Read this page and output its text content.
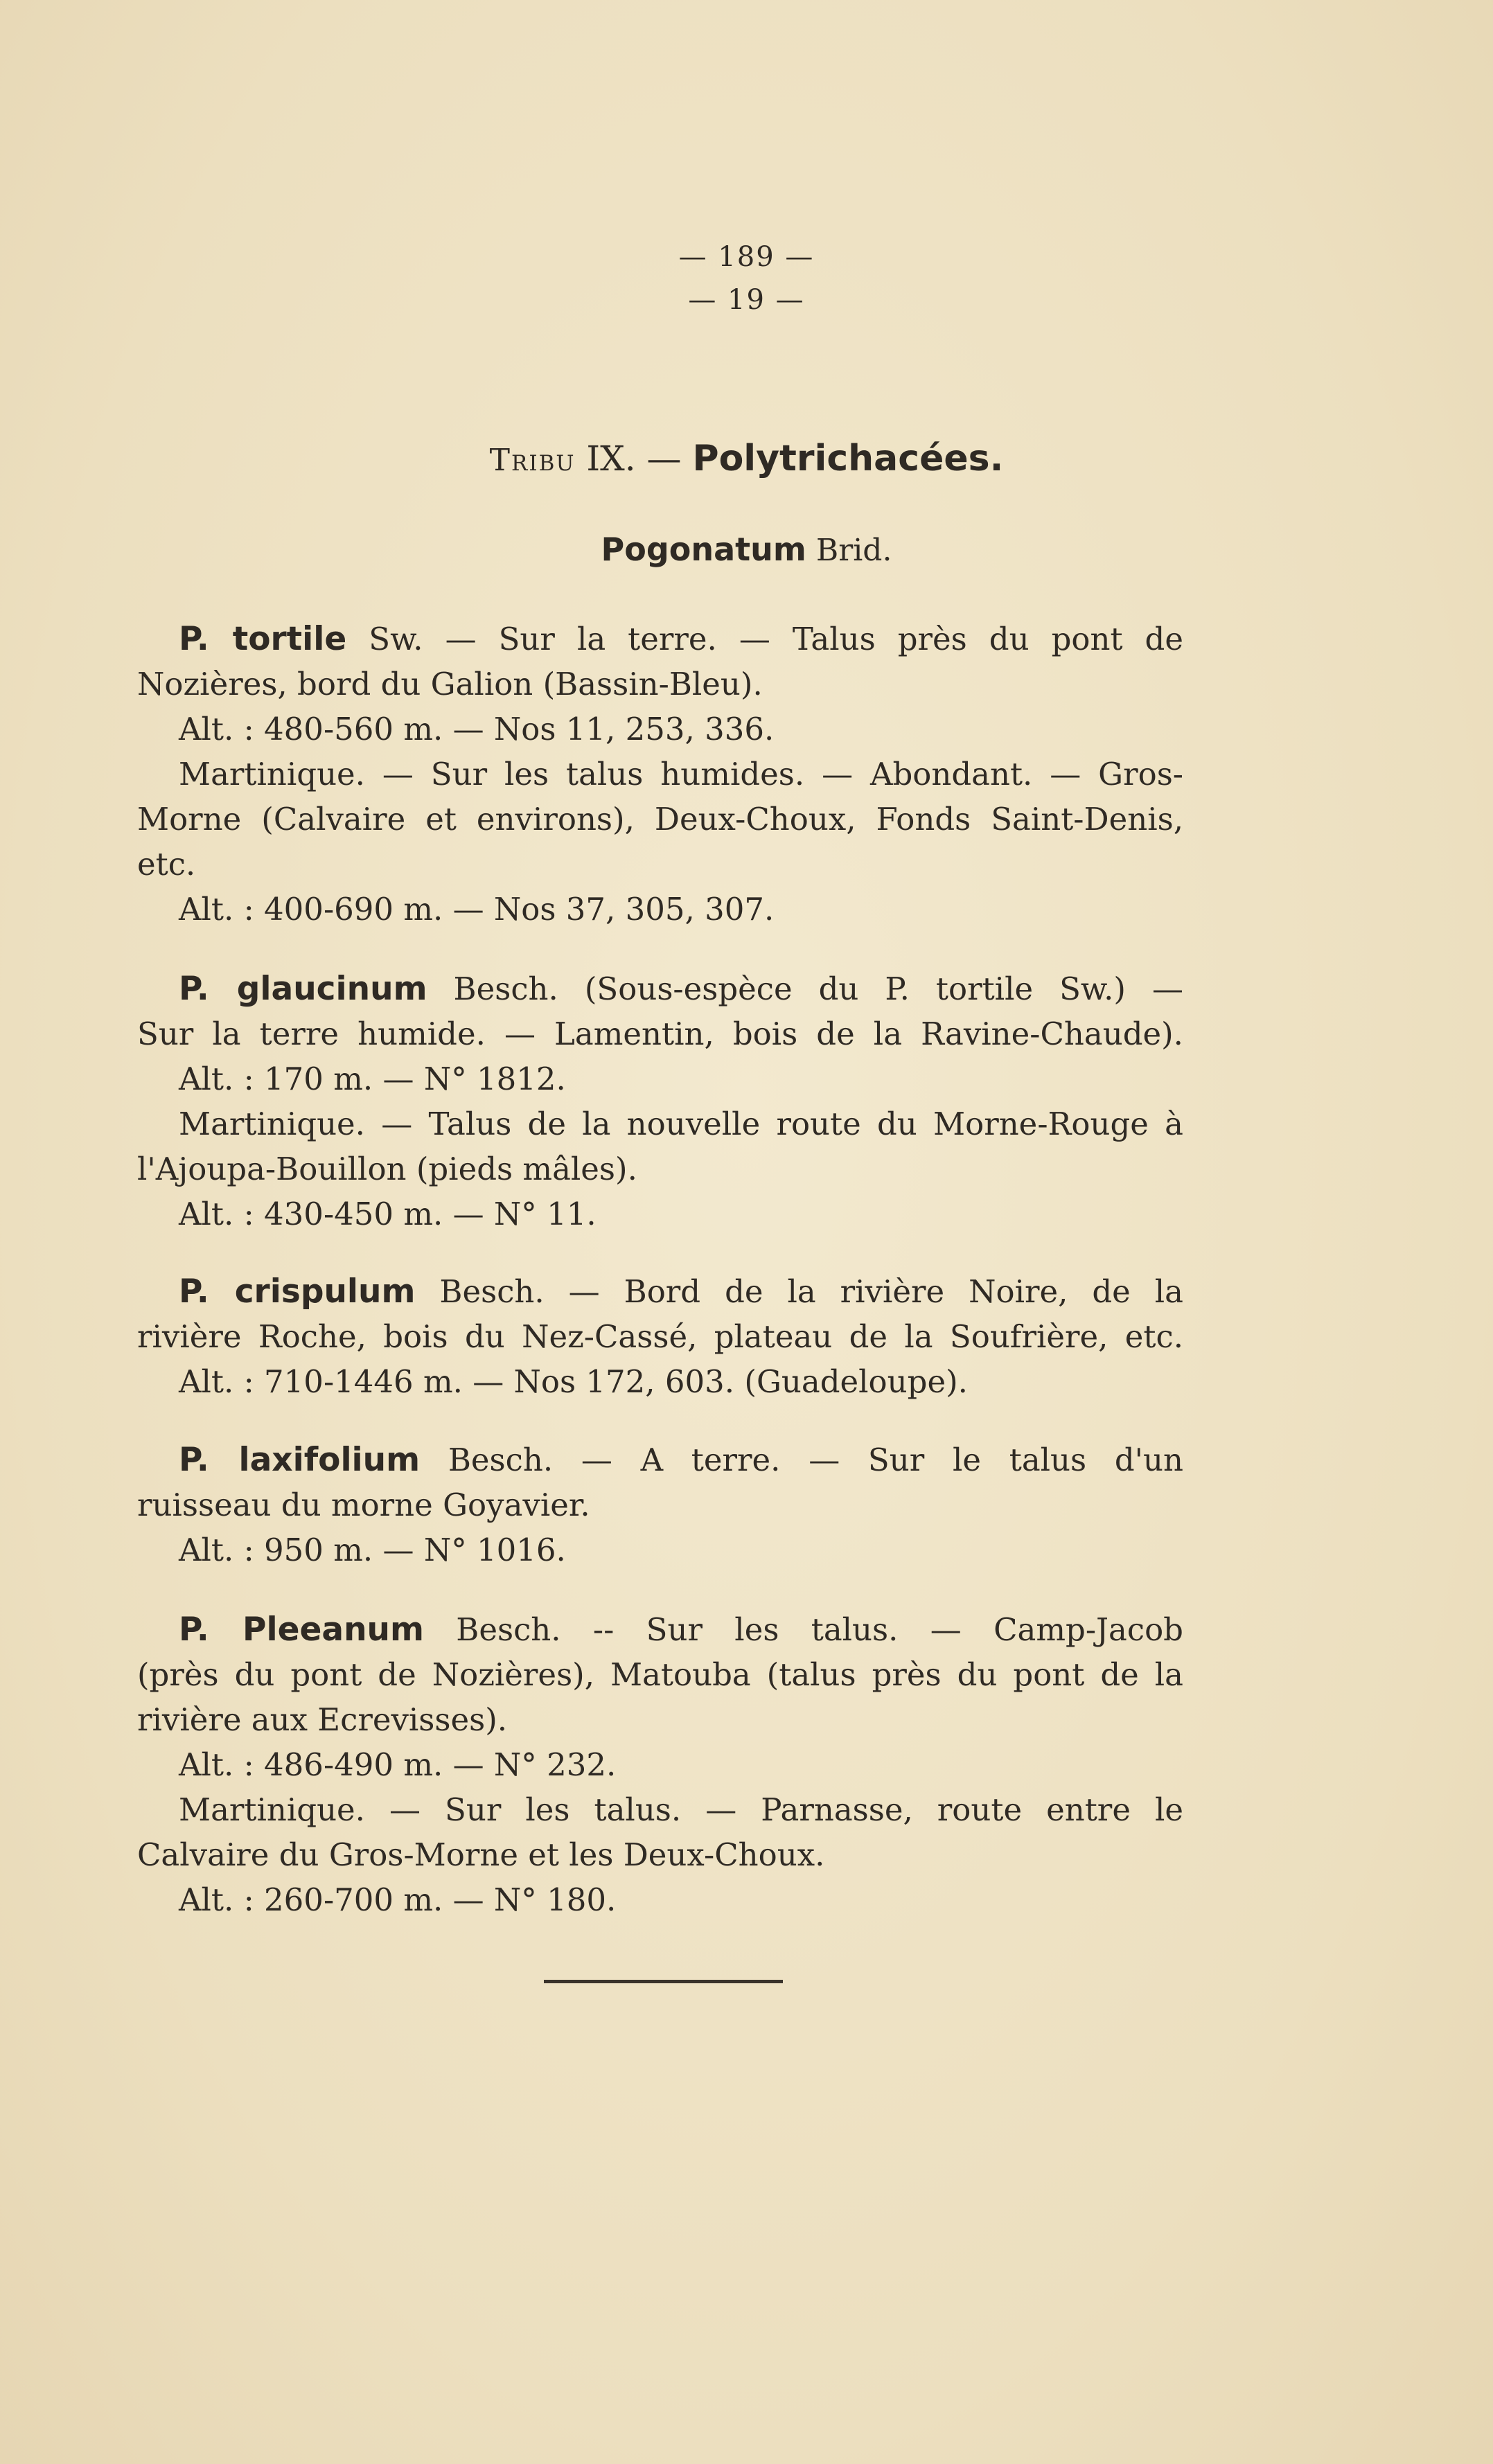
— 189 —
— 19 —
Tribu IX. — Polytrichacées.
Pogonatum Brid.
P. tortile Sw. — Sur la terre. — Talus près du pont de
Nozières, bord du Galion (Bassin-Bleu).
Alt. : 480-560 m. — Nos 11, 253, 336.
Martinique. — Sur les talus humides. — Abondant. — Gros-
Morne (Calvaire et environs), Deux-Choux, Fonds Saint-Denis,
etc.
Alt. : 400-690 m. — Nos 37, 305, 307.
P. glaucinum Besch. (Sous-espèce du P. tortile Sw.) —
Sur la terre humide. — Lamentin, bois de la Ravine-Chaude).
Alt. : 170 m. — N° 1812.
Martinique. — Talus de la nouvelle route du Morne-Rouge à
l'Ajoupa-Bouillon (pieds mâles).
Alt. : 430-450 m. — N° 11.
P. crispulum Besch. — Bord de la rivière Noire, de la
rivière Roche, bois du Nez-Cassé, plateau de la Soufrière, etc.
Alt. : 710-1446 m. — Nos 172, 603. (Guadeloupe).
P. laxifolium Besch. — A terre. — Sur le talus d'un
ruisseau du morne Goyavier.
Alt. : 950 m. — N° 1016.
P. Pleeanum Besch. -- Sur les talus. — Camp-Jacob
(près du pont de Nozières), Matouba (talus près du pont de la
rivière aux Ecrevisses).
Alt. : 486-490 m. — N° 232.
Martinique. — Sur les talus. — Parnasse, route entre le
Calvaire du Gros-Morne et les Deux-Choux.
Alt. : 260-700 m. — N° 180.
